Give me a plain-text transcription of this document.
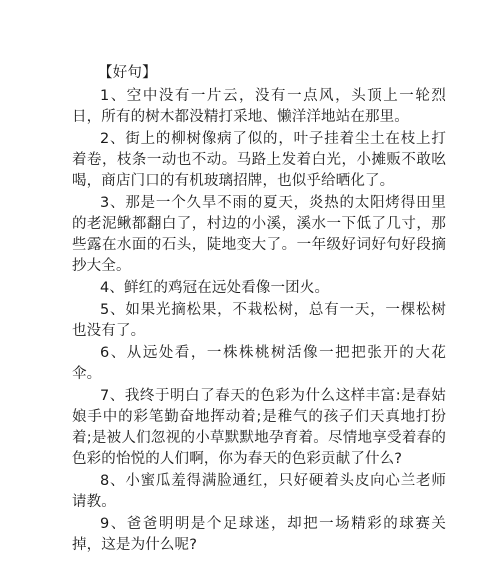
【好句】
1、空中没有一片云，没有一点风，头顶上一轮烈日，所有的树木都没精打采地、懒洋洋地站在那里。
2、街上的柳树像病了似的，叶子挂着尘土在枝上打着卷，枝条一动也不动。马路上发着白光，小摊贩不敢吆喝，商店门口的有机玻璃招牌，也似乎给晒化了。
3、那是一个久旱不雨的夏天，炎热的太阳烤得田里的老泥鳅都翻白了，村边的小溪，溪水一下低了几寸，那些露在水面的石头，陡地变大了。一年级好词好句好段摘抄大全。
4、鲜红的鸡冠在远处看像一团火。
5、如果光摘松果，不栽松树，总有一天，一棵松树也没有了。
6、从远处看，一株株桃树活像一把把张开的大花伞。
7、我终于明白了春天的色彩为什么这样丰富:是春姑娘手中的彩笔勤奋地挥动着;是稚气的孩子们天真地打扮着;是被人们忽视的小草默默地孕育着。尽情地享受着春的色彩的怡悦的人们啊，你为春天的色彩贡献了什么?
8、小蜜瓜羞得满脸通红，只好硬着头皮向心兰老师请教。
9、爸爸明明是个足球迷，却把一场精彩的球赛关掉，这是为什么呢?
